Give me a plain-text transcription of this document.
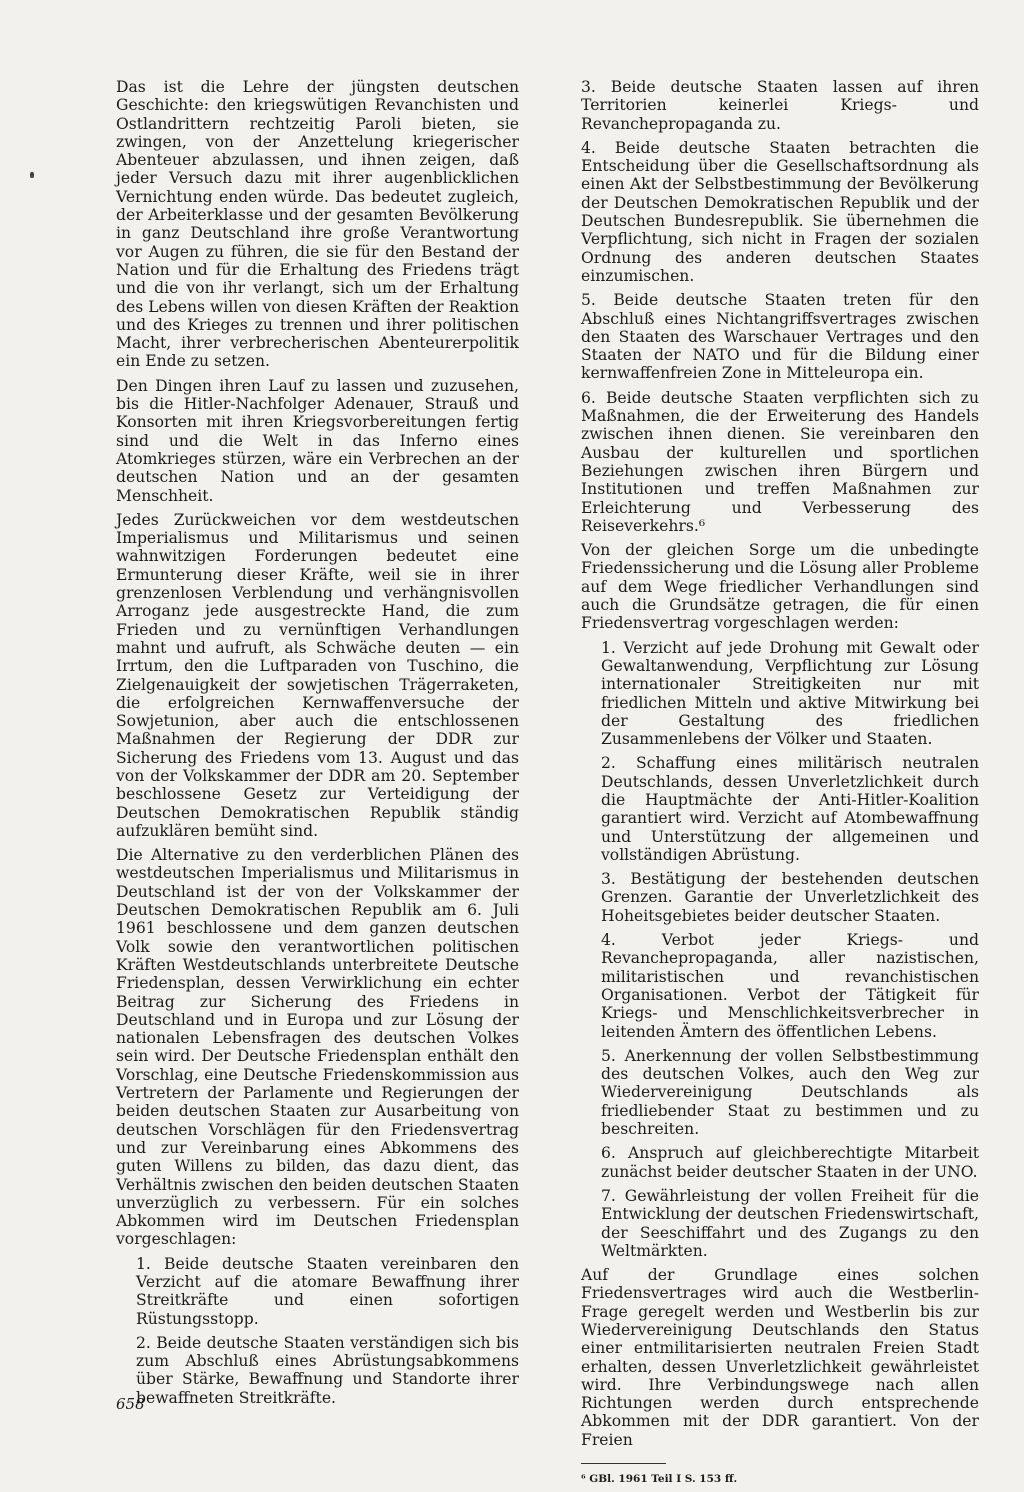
Das ist die Lehre der jüngsten deutschen Geschichte: den kriegswütigen Revanchisten und Ostlandrittern rechtzeitig Paroli bieten, sie zwingen, von der Anzettelung kriegerischer Abenteuer abzulassen, und ihnen zeigen, daß jeder Versuch dazu mit ihrer augenblicklichen Vernichtung enden würde. Das bedeutet zugleich, der Arbeiterklasse und der gesamten Bevölkerung in ganz Deutschland ihre große Verantwortung vor Augen zu führen, die sie für den Bestand der Nation und für die Erhaltung des Friedens trägt und die von ihr verlangt, sich um der Erhaltung des Lebens willen von diesen Kräften der Reaktion und des Krieges zu trennen und ihrer politischen Macht, ihrer verbrecherischen Abenteurerpolitik ein Ende zu setzen.

Den Dingen ihren Lauf zu lassen und zuzusehen, bis die Hitler-Nachfolger Adenauer, Strauß und Konsorten mit ihren Kriegsvorbereitungen fertig sind und die Welt in das Inferno eines Atomkrieges stürzen, wäre ein Verbrechen an der deutschen Nation und an der gesamten Menschheit.

Jedes Zurückweichen vor dem westdeutschen Imperialismus und Militarismus und seinen wahnwitzigen Forderungen bedeutet eine Ermunterung dieser Kräfte, weil sie in ihrer grenzenlosen Verblendung und verhängnisvollen Arroganz jede ausgestreckte Hand, die zum Frieden und zu vernünftigen Verhandlungen mahnt und aufruft, als Schwäche deuten — ein Irrtum, den die Luftparaden von Tuschino, die Zielgenauigkeit der sowjetischen Trägerraketen, die erfolgreichen Kernwaffenversuche der Sowjetunion, aber auch die entschlossenen Maßnahmen der Regierung der DDR zur Sicherung des Friedens vom 13. August und das von der Volkskammer der DDR am 20. September beschlossene Gesetz zur Verteidigung der Deutschen Demokratischen Republik ständig aufzuklären bemüht sind.

Die Alternative zu den verderblichen Plänen des westdeutschen Imperialismus und Militarismus in Deutschland ist der von der Volkskammer der Deutschen Demokratischen Republik am 6. Juli 1961 beschlossene und dem ganzen deutschen Volk sowie den verantwortlichen politischen Kräften Westdeutschlands unterbreitete Deutsche Friedensplan, dessen Verwirklichung ein echter Beitrag zur Sicherung des Friedens in Deutschland und in Europa und zur Lösung der nationalen Lebensfragen des deutschen Volkes sein wird. Der Deutsche Friedensplan enthält den Vorschlag, eine Deutsche Friedenskommission aus Vertretern der Parlamente und Regierungen der beiden deutschen Staaten zur Ausarbeitung von deutschen Vorschlägen für den Friedensvertrag und zur Vereinbarung eines Abkommens des guten Willens zu bilden, das dazu dient, das Verhältnis zwischen den beiden deutschen Staaten unverzüglich zu verbessern. Für ein solches Abkommen wird im Deutschen Friedensplan vorgeschlagen:

1. Beide deutsche Staaten vereinbaren den Verzicht auf die atomare Bewaffnung ihrer Streitkräfte und einen sofortigen Rüstungsstopp.

2. Beide deutsche Staaten verständigen sich bis zum Abschluß eines Abrüstungsabkommens über Stärke, Bewaffnung und Standorte ihrer bewaffneten Streitkräfte.

3. Beide deutsche Staaten lassen auf ihren Territorien keinerlei Kriegs- und Revanchepropaganda zu.

4. Beide deutsche Staaten betrachten die Entscheidung über die Gesellschaftsordnung als einen Akt der Selbstbestimmung der Bevölkerung der Deutschen Demokratischen Republik und der Deutschen Bundesrepublik. Sie übernehmen die Verpflichtung, sich nicht in Fragen der sozialen Ordnung des anderen deutschen Staates einzumischen.

5. Beide deutsche Staaten treten für den Abschluß eines Nichtangriffsvertrages zwischen den Staaten des Warschauer Vertrages und den Staaten der NATO und für die Bildung einer kernwaffenfreien Zone in Mitteleuropa ein.

6. Beide deutsche Staaten verpflichten sich zu Maßnahmen, die der Erweiterung des Handels zwischen ihnen dienen. Sie vereinbaren den Ausbau der kulturellen und sportlichen Beziehungen zwischen ihren Bürgern und Institutionen und treffen Maßnahmen zur Erleichterung und Verbesserung des Reiseverkehrs.⁶

Von der gleichen Sorge um die unbedingte Friedenssicherung und die Lösung aller Probleme auf dem Wege friedlicher Verhandlungen sind auch die Grundsätze getragen, die für einen Friedensvertrag vorgeschlagen werden:

1. Verzicht auf jede Drohung mit Gewalt oder Gewaltanwendung, Verpflichtung zur Lösung internationaler Streitigkeiten nur mit friedlichen Mitteln und aktive Mitwirkung bei der Gestaltung des friedlichen Zusammenlebens der Völker und Staaten.

2. Schaffung eines militärisch neutralen Deutschlands, dessen Unverletzlichkeit durch die Hauptmächte der Anti-Hitler-Koalition garantiert wird. Verzicht auf Atombewaffnung und Unterstützung der allgemeinen und vollständigen Abrüstung.

3. Bestätigung der bestehenden deutschen Grenzen. Garantie der Unverletzlichkeit des Hoheitsgebietes beider deutscher Staaten.

4. Verbot jeder Kriegs- und Revanchepropaganda, aller nazistischen, militaristischen und revanchistischen Organisationen. Verbot der Tätigkeit für Kriegs- und Menschlichkeitsverbrecher in leitenden Ämtern des öffentlichen Lebens.

5. Anerkennung der vollen Selbstbestimmung des deutschen Volkes, auch den Weg zur Wiedervereinigung Deutschlands als friedliebender Staat zu bestimmen und zu beschreiten.

6. Anspruch auf gleichberechtigte Mitarbeit zunächst beider deutscher Staaten in der UNO.

7. Gewährleistung der vollen Freiheit für die Entwicklung der deutschen Friedenswirtschaft, der Seeschiffahrt und des Zugangs zu den Weltmärkten.

Auf der Grundlage eines solchen Friedensvertrages wird auch die Westberlin-Frage geregelt werden und Westberlin bis zur Wiedervereinigung Deutschlands den Status einer entmilitarisierten neutralen Freien Stadt erhalten, dessen Unverletzlichkeit gewährleistet wird. Ihre Verbindungswege nach allen Richtungen werden durch entsprechende Abkommen mit der DDR garantiert. Von der Freien

⁶ GBl. 1961 Teil I S. 153 ff.

658
